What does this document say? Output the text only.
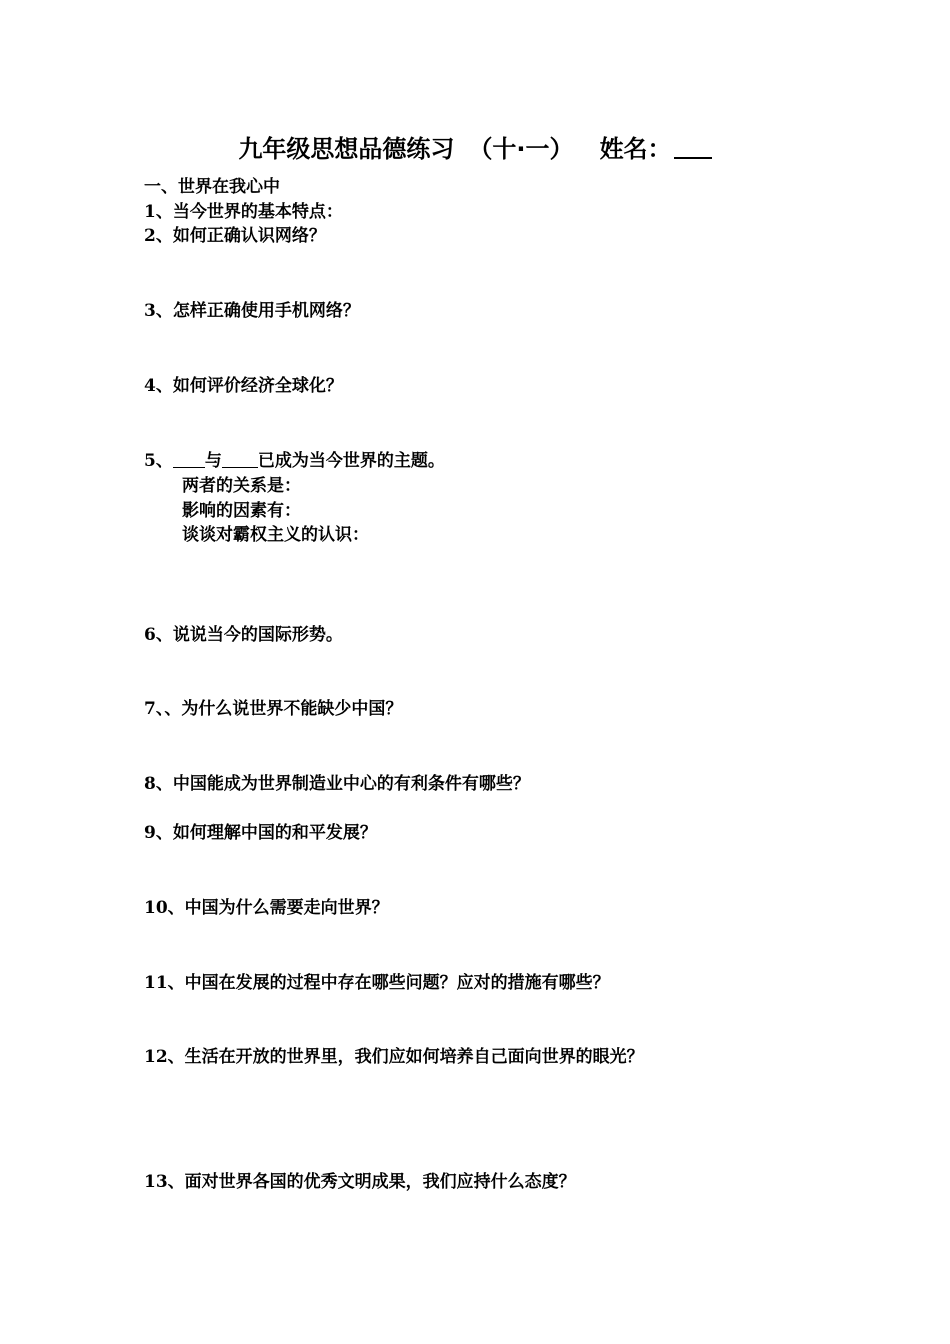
九年级思想品德练习 （十·一） 姓名：
一、世界在我心中
1、当今世界的基本特点：
2、如何正确认识网络？
3、怎样正确使用手机网络？
4、如何评价经济全球化？
5、 与 已成为当今世界的主题。
两者的关系是：
影响的因素有：
谈谈对霸权主义的认识：
6、说说当今的国际形势。
7、、为什么说世界不能缺少中国？
8、中国能成为世界制造业中心的有利条件有哪些？
9、如何理解中国的和平发展？
10、中国为什么需要走向世界？
11、中国在发展的过程中存在哪些问题？应对的措施有哪些？
12、生活在开放的世界里，我们应如何培养自己面向世界的眼光？
13、面对世界各国的优秀文明成果，我们应持什么态度？
